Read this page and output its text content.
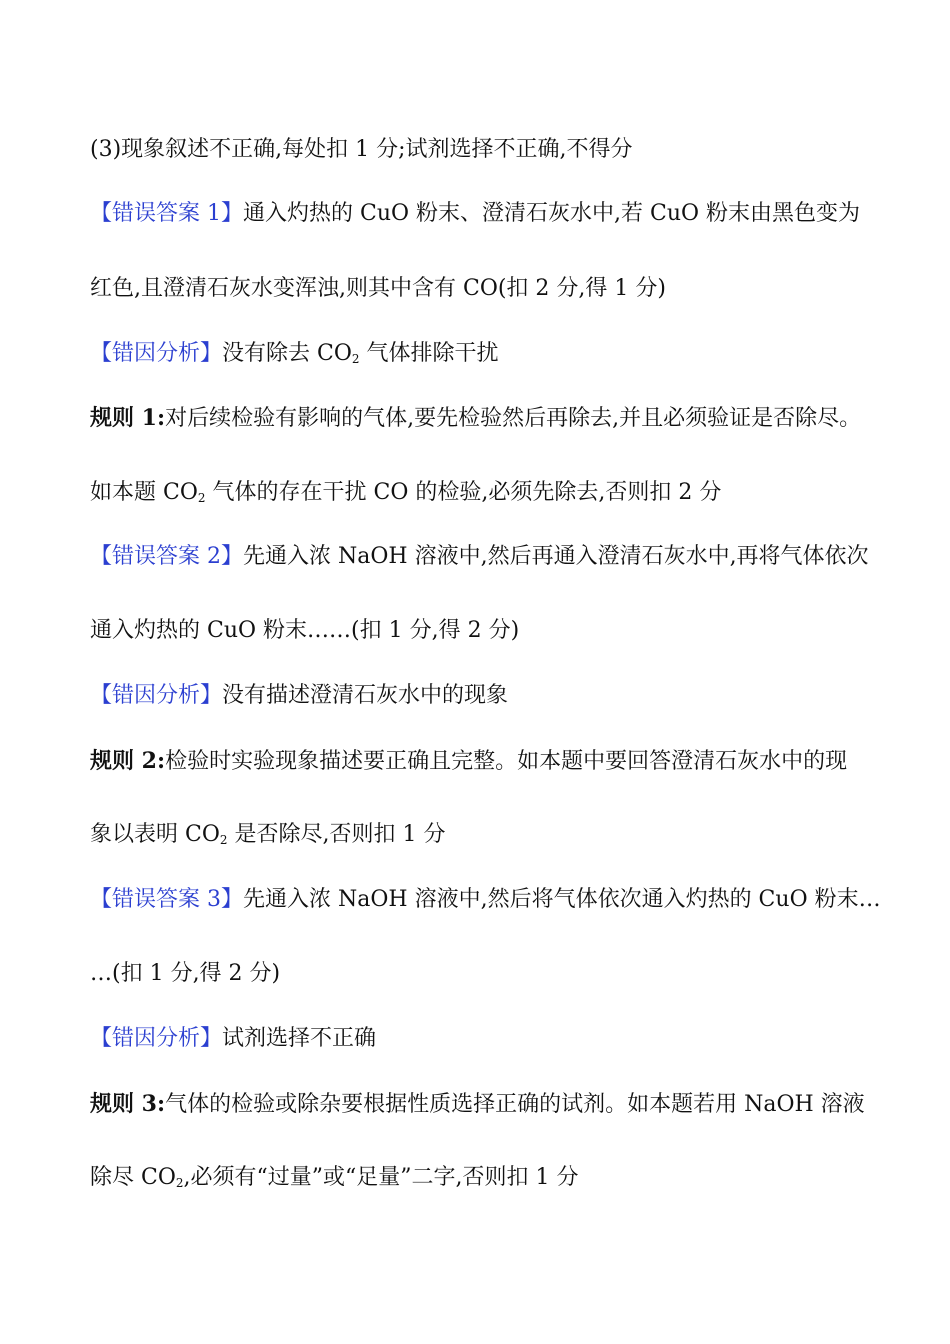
(3)现象叙述不正确,每处扣 1 分;试剂选择不正确,不得分
【错误答案 1】通入灼热的 CuO 粉末、澄清石灰水中,若 CuO 粉末由黑色变为
红色,且澄清石灰水变浑浊,则其中含有 CO(扣 2 分,得 1 分)
【错因分析】没有除去 $CO_2$ 气体排除干扰
规则 1:对后续检验有影响的气体,要先检验然后再除去,并且必须验证是否除尽。
如本题 $CO_2$ 气体的存在干扰 CO 的检验,必须先除去,否则扣 2 分
【错误答案 2】先通入浓 NaOH 溶液中,然后再通入澄清石灰水中,再将气体依次
通入灼热的 CuO 粉末……(扣 1 分,得 2 分)
【错因分析】没有描述澄清石灰水中的现象
规则 2:检验时实验现象描述要正确且完整。如本题中要回答澄清石灰水中的现
象以表明 $CO_2$ 是否除尽,否则扣 1 分
【错误答案 3】先通入浓 NaOH 溶液中,然后将气体依次通入灼热的 CuO 粉末…
…(扣 1 分,得 2 分)
【错因分析】试剂选择不正确
规则 3:气体的检验或除杂要根据性质选择正确的试剂。如本题若用 NaOH 溶液
除尽 $CO_2$,必须有“过量”或“足量”二字,否则扣 1 分
